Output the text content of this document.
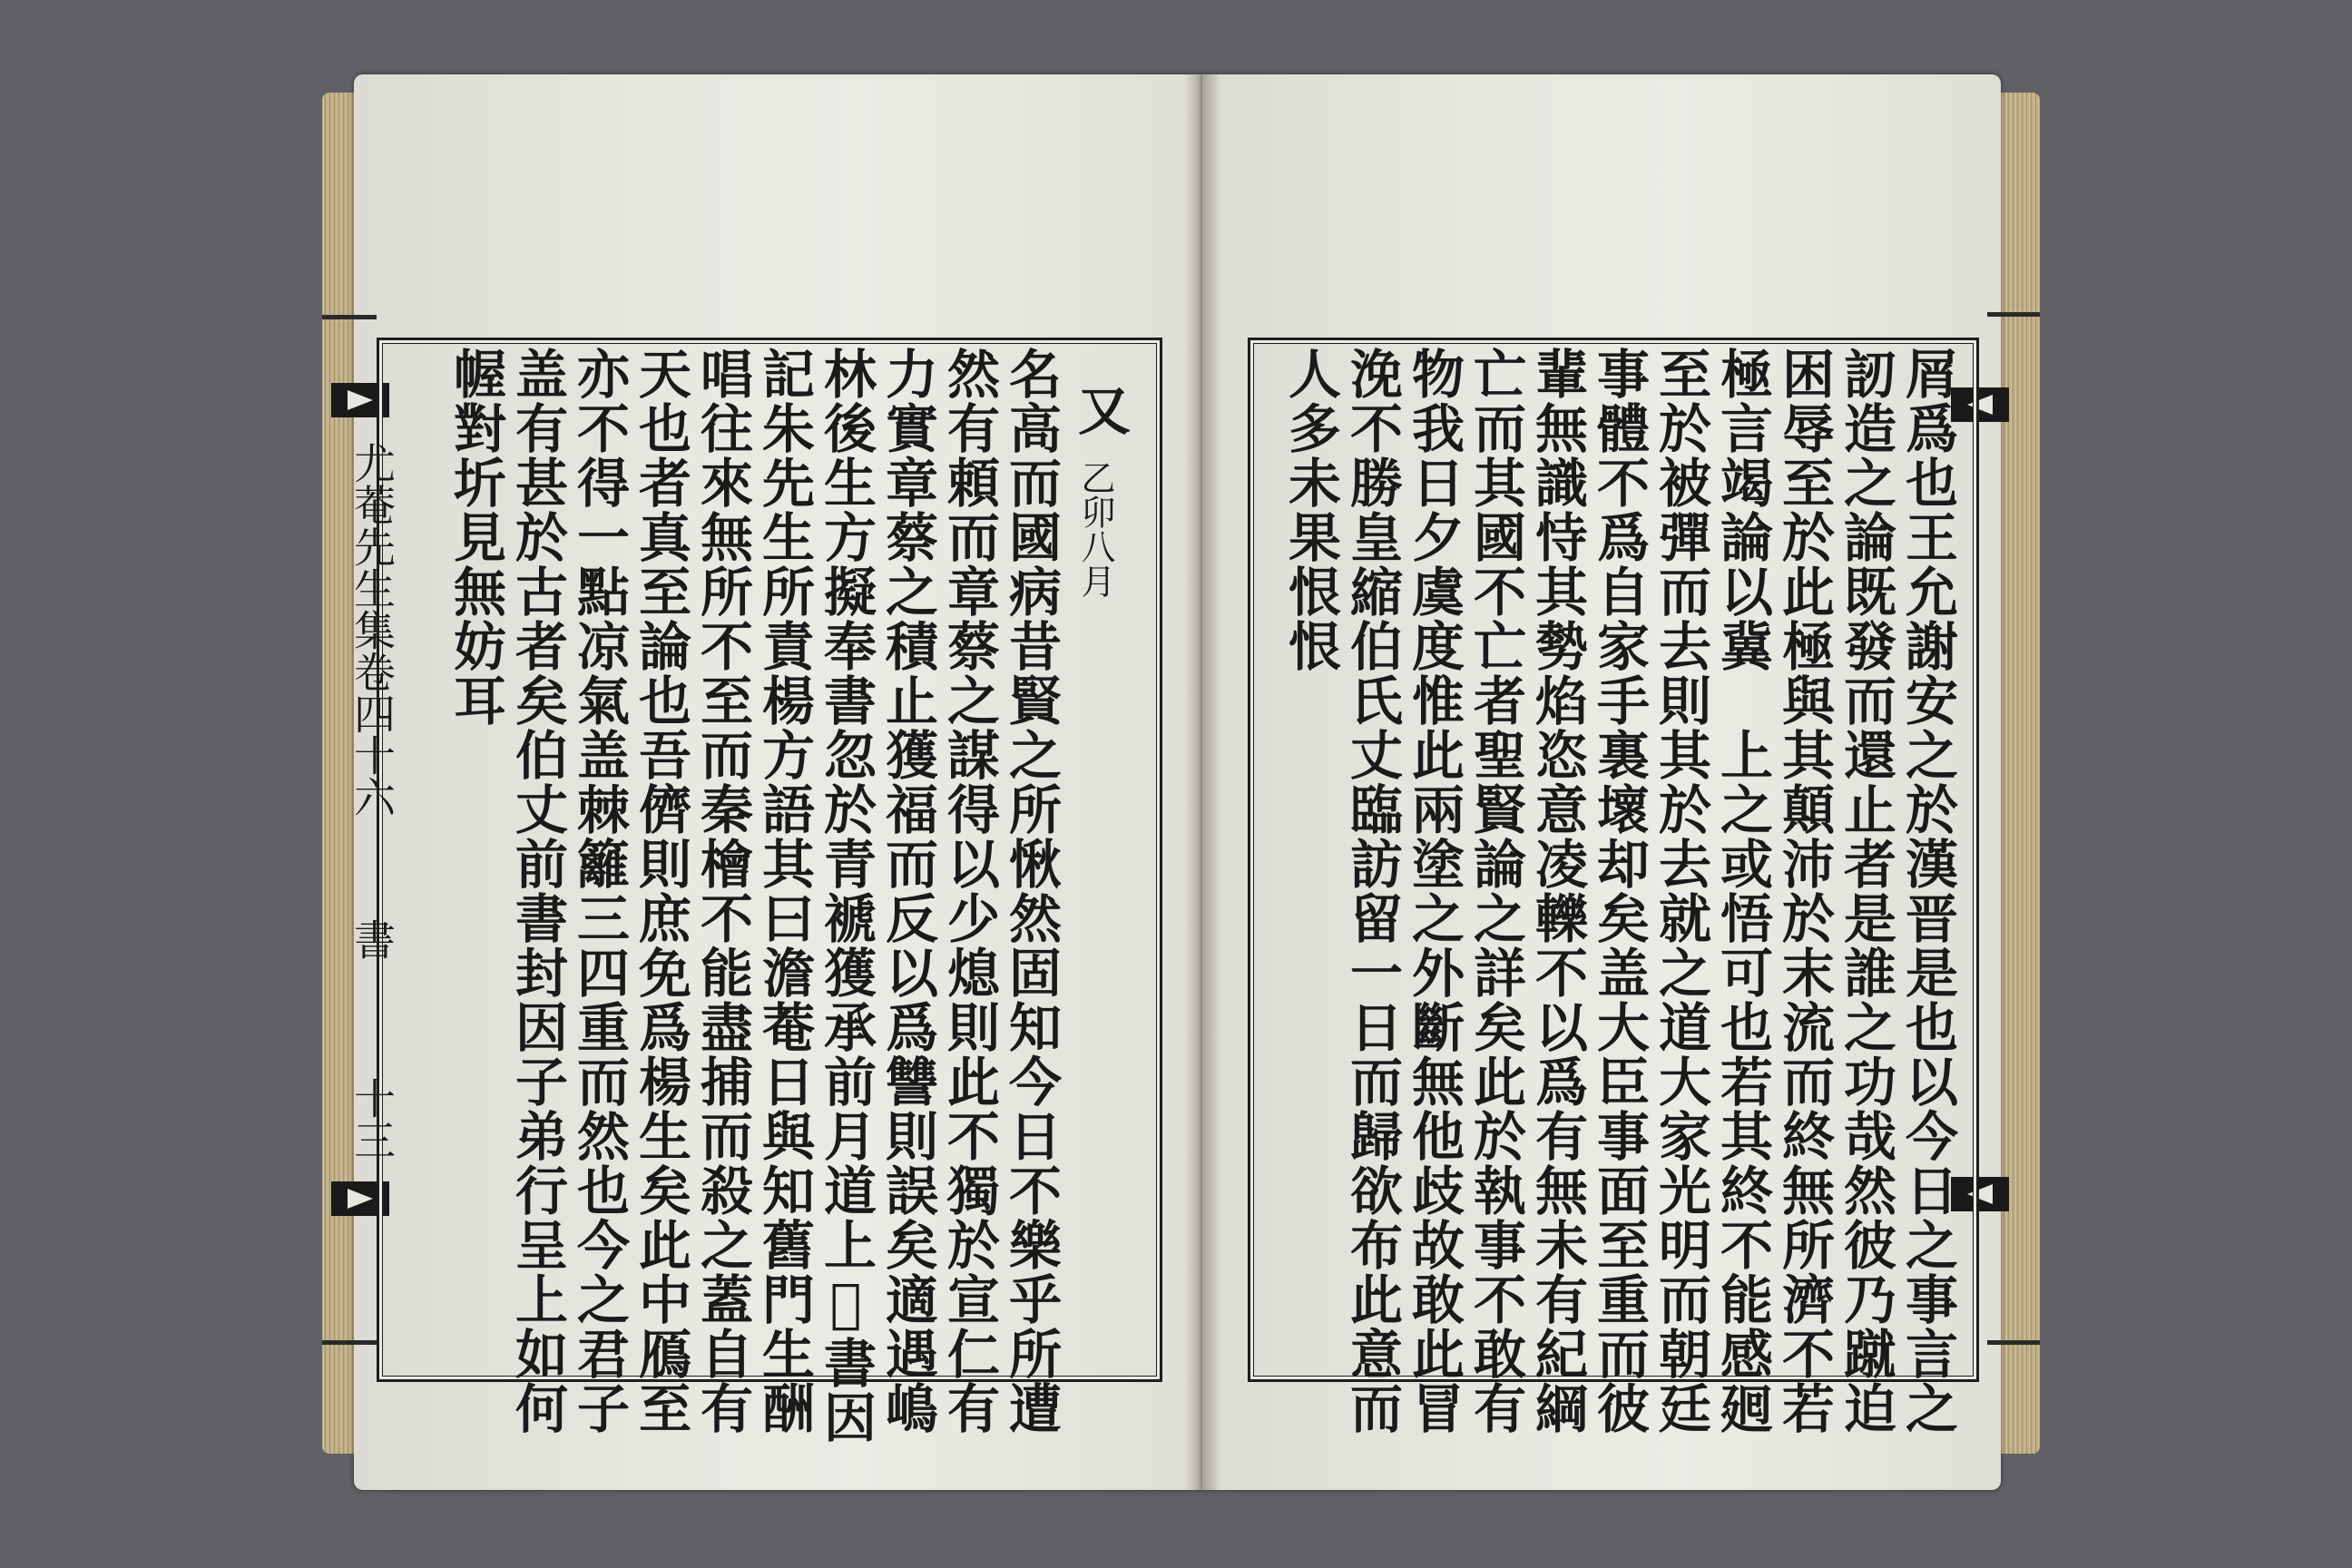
尤菴先生集卷四十六
書
十三
又
乙卯八月
名高而國病昔賢之所愀然固知今日不樂乎所遭
然有頼而章蔡之謀得以少熄則此不獨於宣仁有
力實章蔡之積止獲福而反以爲讐則誤矣適遇嶋
林後生方擬奉書忽於青褫獲承前月道上𦶜書因
記朱先生所責楊方語其曰澹菴日與知舊門生酬
唱往來無所不至而秦檜不能盡捕而殺之蓋自有
天也者真至論也吾儕則庶免爲楊生矣此中鴈至
亦不得一點凉氣盖棘籬三四重而然也今之君子
盖有甚於古者矣伯丈前書封因子弟行呈上如何
幄對圻見無妨耳	屑爲也王允謝安之於漢晋是也以今日之事言之
訒造之論既發而還止者是誰之功哉然彼乃蹴迫
困辱至於此極與其顛沛於末流而終無所濟不若
極言竭論以冀　上之或悟可也若其終不能感𢌞
至於被彈而去則其於去就之道大家光明而朝廷
事體不爲自家手裏壞却矣盖大臣事面至重而彼
輩無識恃其勢焰恣意凌轢不以爲有無未有紀綱
亡而其國不亡者聖賢論之詳矣此於執事不敢有
物我日夕虞度惟此兩塗之外斷無他歧故敢此冒
浼不勝皇縮伯氏丈臨訪留一日而歸欲布此意而
人多未果恨恨
